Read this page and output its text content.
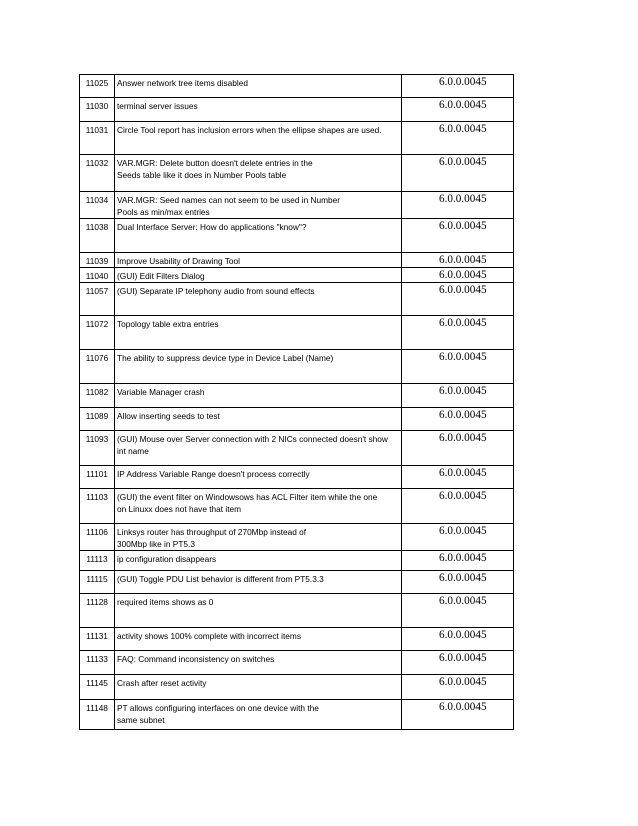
11025	Answer network tree items disabled	6.0.0.0045
11030	terminal server issues	6.0.0.0045
11031	Circle Tool report has inclusion errors when the ellipse shapes are used.	6.0.0.0045
11032	VAR.MGR: Delete button doesn't delete entries in the
Seeds table like it does in Number Pools table	6.0.0.0045
11034	VAR.MGR: Seed names can not seem to be used in Number
Pools as min/max entries	6.0.0.0045
11038	Dual Interface Server: How do applications "know"?	6.0.0.0045
11039	Improve Usability of Drawing Tool	6.0.0.0045
11040	(GUI) Edit Filters Dialog	6.0.0.0045
11057	(GUI) Separate IP telephony audio from sound effects	6.0.0.0045
11072	Topology table extra entries	6.0.0.0045
11076	The ability to suppress device type in Device Label (Name)	6.0.0.0045
11082	Variable Manager crash	6.0.0.0045
11089	Allow inserting seeds to test	6.0.0.0045
11093	(GUI) Mouse over Server connection with 2 NICs connected doesn't show
int name	6.0.0.0045
11101	IP Address Variable Range doesn't process correctly	6.0.0.0045
11103	(GUI) the event filter on Windowsows has ACL Filter item while the one
on Linuxx does not have that item	6.0.0.0045
11106	Linksys router has throughput of 270Mbp instead of
300Mbp like in PT5.3	6.0.0.0045
11113	ip configuration disappears	6.0.0.0045
11115	(GUI) Toggle PDU List behavior is different from PT5.3.3	6.0.0.0045
11128	required items shows as 0	6.0.0.0045
11131	activity shows 100% complete with incorrect items	6.0.0.0045
11133	FAQ: Command inconsistency on switches	6.0.0.0045
11145	Crash after reset activity	6.0.0.0045
11148	PT allows configuring interfaces on one device with the
same subnet	6.0.0.0045
